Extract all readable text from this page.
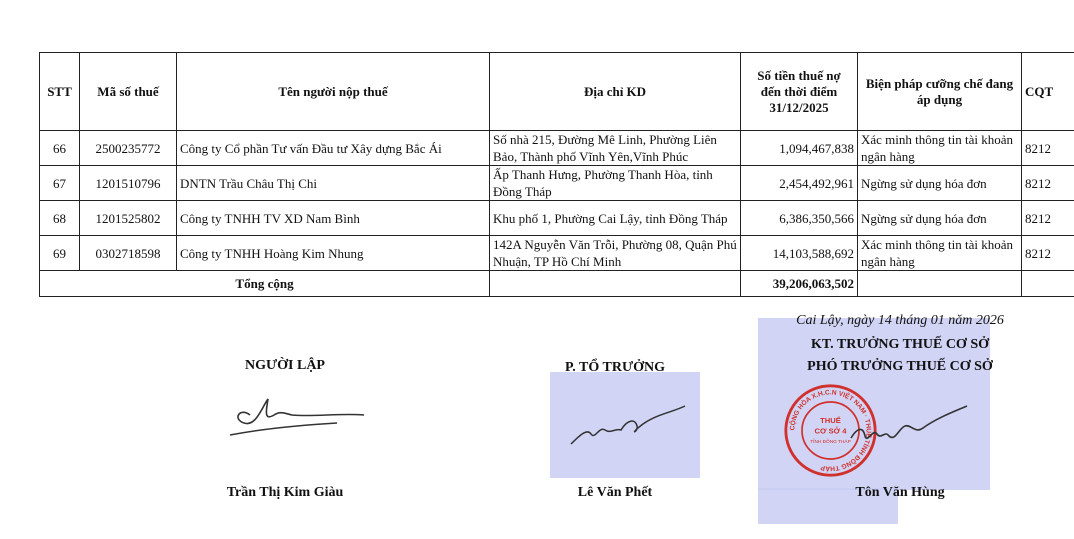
STT	Mã số thuế	Tên người nộp thuế	Địa chỉ KD	Số tiền thuế nợ đến thời điểm 31/12/2025	Biện pháp cưỡng chế đang áp dụng	CQT
66	2500235772	Công ty Cổ phần Tư vấn Đầu tư Xây dựng Bắc Ái	Số nhà 215, Đường Mê Linh, Phường Liên Bảo, Thành phố Vĩnh Yên,Vĩnh Phúc	1,094,467,838	Xác minh thông tin tài khoản ngân hàng	8212
67	1201510796	DNTN Trầu Châu Thị Chi	Ấp Thanh Hưng, Phường Thanh Hòa, tỉnh Đồng Tháp	2,454,492,961	Ngừng sử dụng hóa đơn	8212
68	1201525802	Công ty TNHH TV XD Nam Bình	Khu phố 1, Phường Cai Lậy, tỉnh Đồng Tháp	6,386,350,566	Ngừng sử dụng hóa đơn	8212
69	0302718598	Công ty TNHH Hoàng Kim Nhung	142A Nguyễn Văn Trỗi, Phường 08, Quận Phú Nhuận, TP Hồ Chí Minh	14,103,588,692	Xác minh thông tin tài khoản ngân hàng	8212
Tổng cộng				39,206,063,502		
NGƯỜI LẬP
Trần Thị Kim Giàu
P. TỔ TRƯỞNG
Lê Văn Phết
Cai Lậy, ngày 14 tháng 01 năm 2026
KT. TRƯỞNG THUẾ CƠ SỞ
PHÓ TRƯỞNG THUẾ CƠ SỞ
CỘNG HÒA X.H.C.N VIỆT NAM · THUẾ TỈNH ĐỒNG THÁP
THUẾ
CƠ SỞ 4
TỈNH ĐỒNG THÁP
Tôn Văn Hùng
